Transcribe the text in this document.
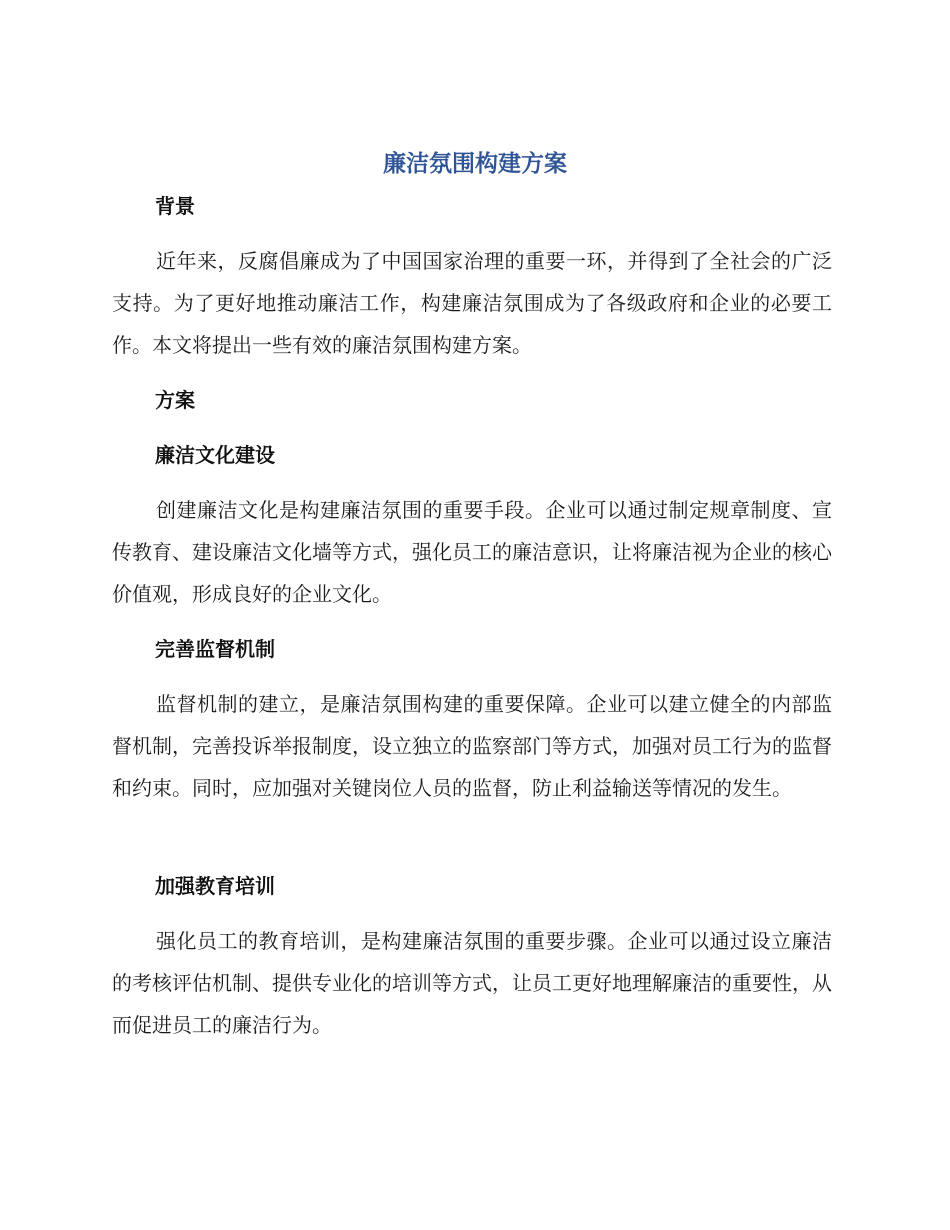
廉洁氛围构建方案
背景

近年来，反腐倡廉成为了中国国家治理的重要一环，并得到了全社会的广泛支持。为了更好地推动廉洁工作，构建廉洁氛围成为了各级政府和企业的必要工作。本文将提出一些有效的廉洁氛围构建方案。

方案
廉洁文化建设

创建廉洁文化是构建廉洁氛围的重要手段。企业可以通过制定规章制度、宣传教育、建设廉洁文化墙等方式，强化员工的廉洁意识，让将廉洁视为企业的核心价值观，形成良好的企业文化。

完善监督机制

监督机制的建立，是廉洁氛围构建的重要保障。企业可以建立健全的内部监督机制，完善投诉举报制度，设立独立的监察部门等方式，加强对员工行为的监督和约束。同时，应加强对关键岗位人员的监督，防止利益输送等情况的发生。

加强教育培训

强化员工的教育培训，是构建廉洁氛围的重要步骤。企业可以通过设立廉洁的考核评估机制、提供专业化的培训等方式，让员工更好地理解廉洁的重要性，从而促进员工的廉洁行为。
